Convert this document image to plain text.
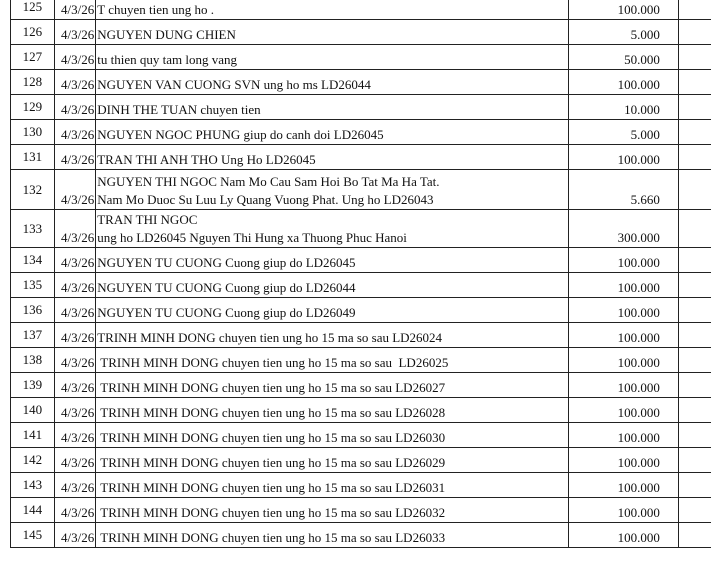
125	4/3/26	T chuyen tien ung ho .	100.000	
126	4/3/26	NGUYEN DUNG CHIEN	5.000	
127	4/3/26	tu thien quy tam long vang	50.000	
128	4/3/26	NGUYEN VAN CUONG SVN ung ho ms LD26044	100.000	
129	4/3/26	DINH THE TUAN chuyen tien	10.000	
130	4/3/26	NGUYEN NGOC PHUNG giup do canh doi LD26045	5.000	
131	4/3/26	TRAN THI ANH THO Ung Ho LD26045	100.000	
132	4/3/26	NGUYEN THI NGOC Nam Mo Cau Sam Hoi Bo Tat Ma Ha Tat.
Nam Mo Duoc Su Luu Ly Quang Vuong Phat. Ung ho LD26043	5.660	
133	4/3/26	TRAN THI NGOC
ung ho LD26045 Nguyen Thi Hung xa Thuong Phuc Hanoi	300.000	
134	4/3/26	NGUYEN TU CUONG Cuong giup do LD26045	100.000	
135	4/3/26	NGUYEN TU CUONG Cuong giup do LD26044	100.000	
136	4/3/26	NGUYEN TU CUONG Cuong giup do LD26049	100.000	
137	4/3/26	TRINH MINH DONG chuyen tien ung ho 15 ma so sau LD26024	100.000	
138	4/3/26	TRINH MINH DONG chuyen tien ung ho 15 ma so sau  LD26025	100.000	
139	4/3/26	TRINH MINH DONG chuyen tien ung ho 15 ma so sau LD26027	100.000	
140	4/3/26	TRINH MINH DONG chuyen tien ung ho 15 ma so sau LD26028	100.000	
141	4/3/26	TRINH MINH DONG chuyen tien ung ho 15 ma so sau LD26030	100.000	
142	4/3/26	TRINH MINH DONG chuyen tien ung ho 15 ma so sau LD26029	100.000	
143	4/3/26	TRINH MINH DONG chuyen tien ung ho 15 ma so sau LD26031	100.000	
144	4/3/26	TRINH MINH DONG chuyen tien ung ho 15 ma so sau LD26032	100.000	
145	4/3/26	TRINH MINH DONG chuyen tien ung ho 15 ma so sau LD26033	100.000	
